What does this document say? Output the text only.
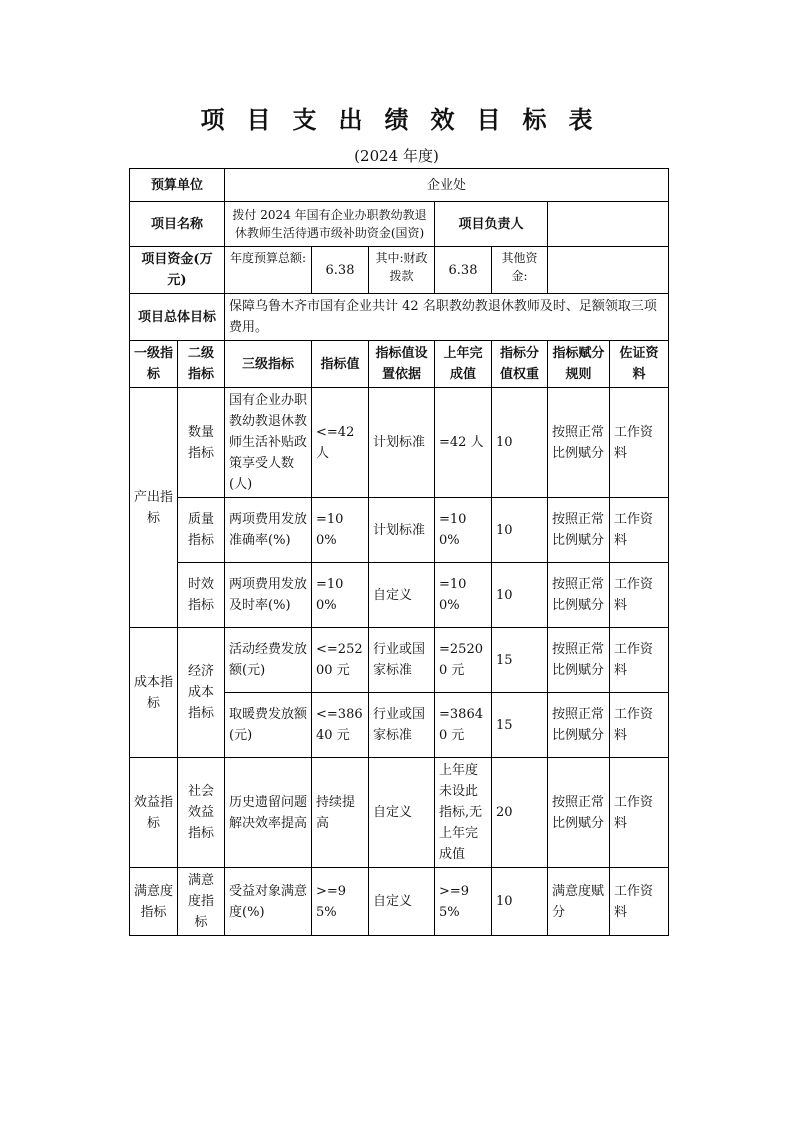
项目支出绩效目标表
(2024 年度)
预算单位		企业处						
项目名称		拨付 2024 年国有企业办职教幼教退休教师生活待遇市级补助资金(国资)			项目负责人			
项目资金(万元)		年度预算总额:	6.38	其中:财政拨款	6.38	其他资金:		
项目总体目标		保障乌鲁木齐市国有企业共计 42 名职教幼教退休教师及时、足额领取三项费用。						
一级指标	二级指标	三级指标	指标值	指标值设置依据	上年完成值	指标分值权重	指标赋分规则	佐证资料
产出指标	数量指标	国有企业办职教幼教退休教师生活补贴政策享受人数(人)	<=42 人	计划标准	=42 人	10	按照正常比例赋分	工作资料
	质量指标	两项费用发放准确率(%)	=100%	计划标准	=100%	10	按照正常比例赋分	工作资料
	时效指标	两项费用发放及时率(%)	=100%	自定义	=100%	10	按照正常比例赋分	工作资料
成本指标	经济成本指标	活动经费发放额(元)	<=25200 元	行业或国家标准	=25200 元	15	按照正常比例赋分	工作资料
		取暖费发放额(元)	<=38640 元	行业或国家标准	=38640 元	15	按照正常比例赋分	工作资料
效益指标	社会效益指标	历史遗留问题解决效率提高	持续提高	自定义	上年度未设此指标,无上年完成值	20	按照正常比例赋分	工作资料
满意度指标	满意度指标	受益对象满意度(%)	>=95%	自定义	>=95%	10	满意度赋分	工作资料
